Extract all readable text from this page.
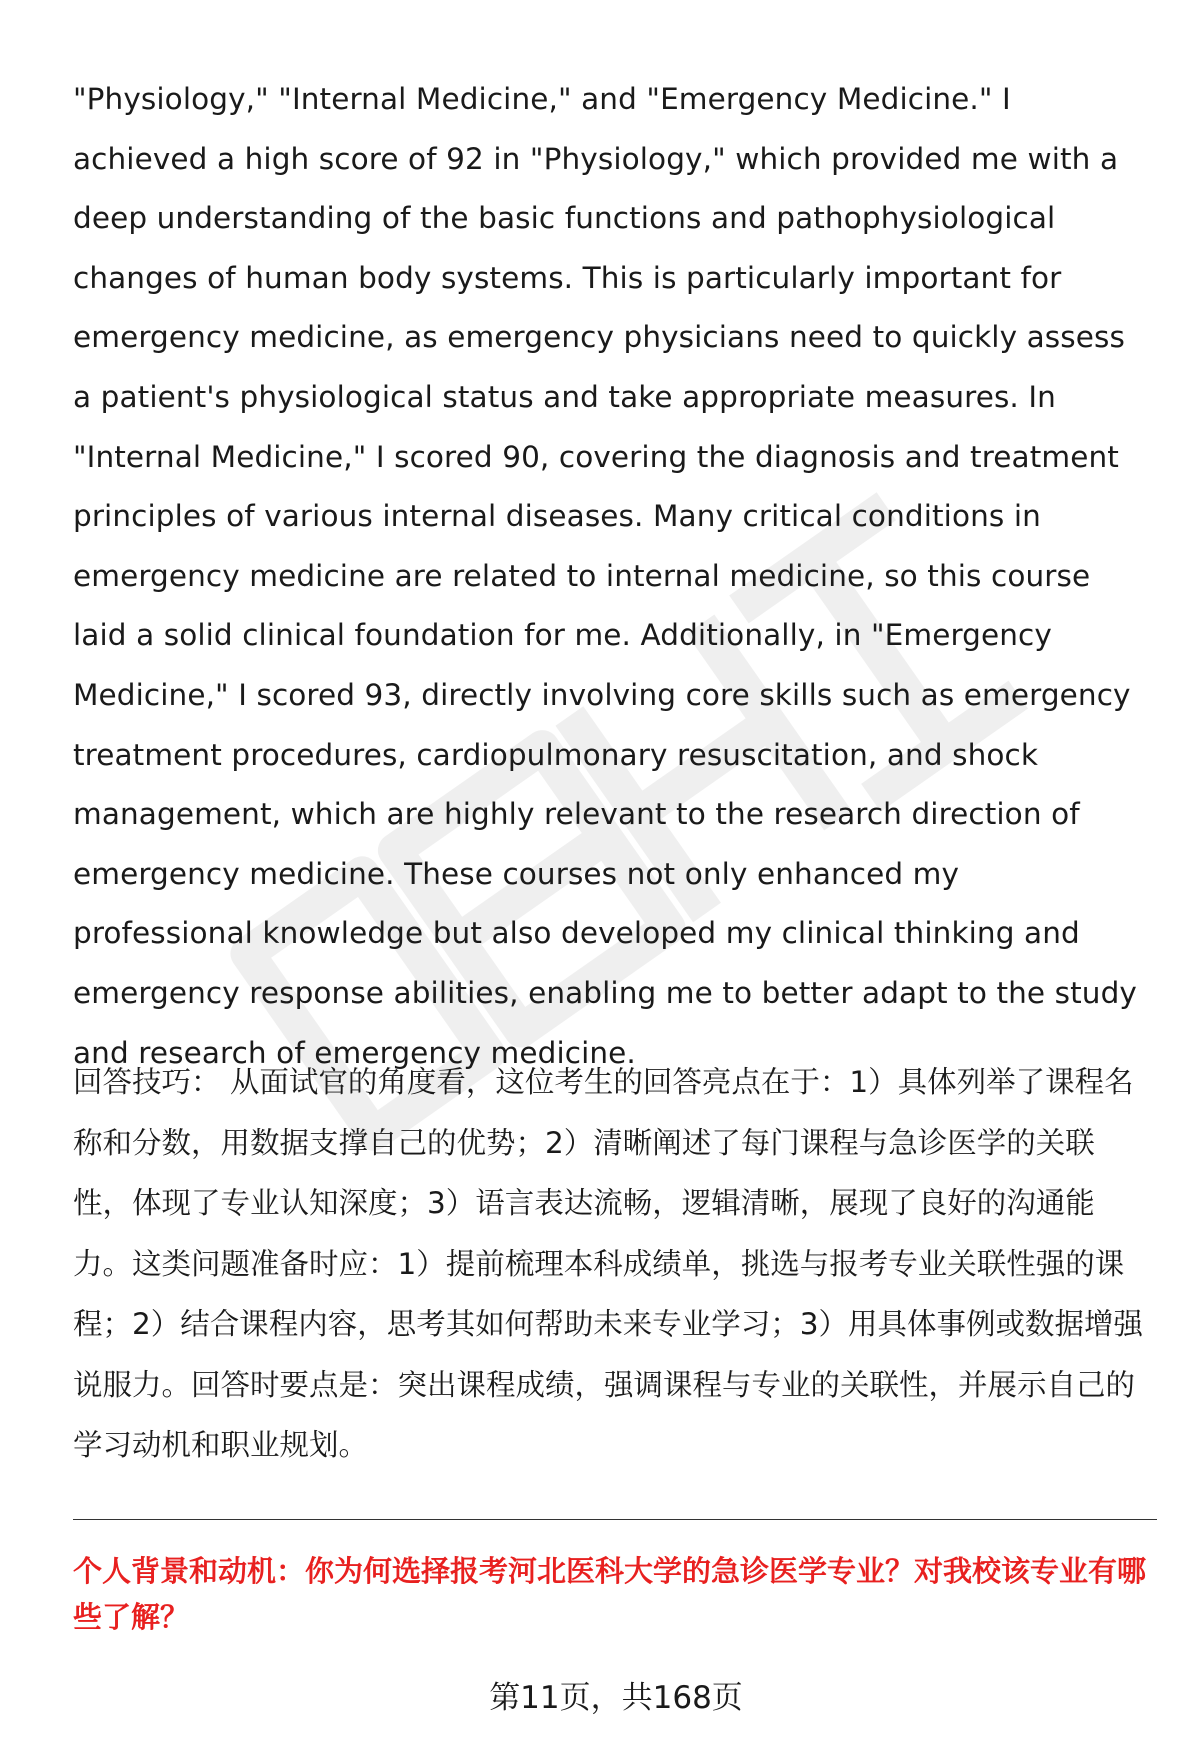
"Physiology," "Internal Medicine," and "Emergency Medicine." I achieved a high score of 92 in "Physiology," which provided me with a deep understanding of the basic functions and pathophysiological changes of human body systems. This is particularly important for emergency medicine, as emergency physicians need to quickly assess a patient's physiological status and take appropriate measures. In "Internal Medicine," I scored 90, covering the diagnosis and treatment principles of various internal diseases. Many critical conditions in emergency medicine are related to internal medicine, so this course laid a solid clinical foundation for me. Additionally, in "Emergency Medicine," I scored 93, directly involving core skills such as emergency treatment procedures, cardiopulmonary resuscitation, and shock management, which are highly relevant to the research direction of emergency medicine. These courses not only enhanced my professional knowledge but also developed my clinical thinking and emergency response abilities, enabling me to better adapt to the study and research of emergency medicine.

回答技巧： 从面试官的角度看，这位考生的回答亮点在于：1）具体列举了课程名称和分数，用数据支撑自己的优势；2）清晰阐述了每门课程与急诊医学的关联性，体现了专业认知深度；3）语言表达流畅，逻辑清晰，展现了良好的沟通能力。这类问题准备时应：1）提前梳理本科成绩单，挑选与报考专业关联性强的课程；2）结合课程内容，思考其如何帮助未来专业学习；3）用具体事例或数据增强说服力。回答时要点是：突出课程成绩，强调课程与专业的关联性，并展示自己的学习动机和职业规划。

个人背景和动机：你为何选择报考河北医科大学的急诊医学专业？对我校该专业有哪些了解？

第11页，共168页
